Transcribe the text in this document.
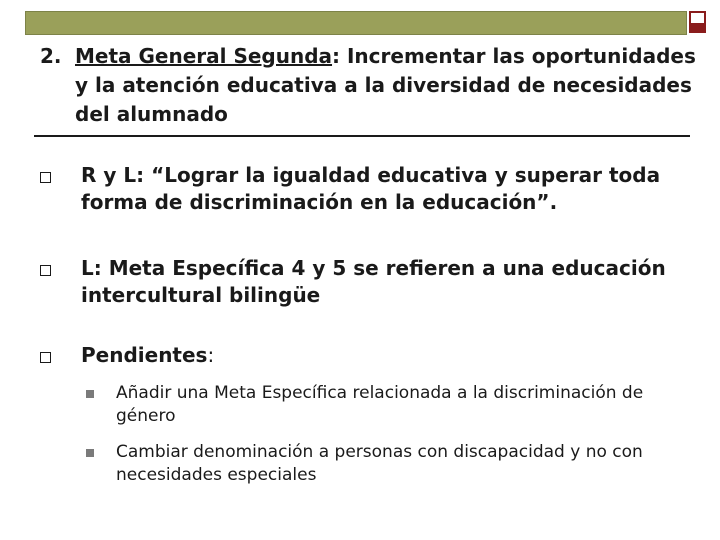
2. Meta General Segunda: Incrementar las oportunidades y la atención educativa a la diversidad de necesidades del alumnado
R y L: “Lograr la igualdad educativa y superar toda forma de discriminación en la educación”.
L: Meta Específica 4 y 5 se refieren a una educación intercultural bilingüe
Pendientes:
Añadir una Meta Específica relacionada a la discriminación de género
Cambiar denominación a personas con discapacidad y no con necesidades especiales
